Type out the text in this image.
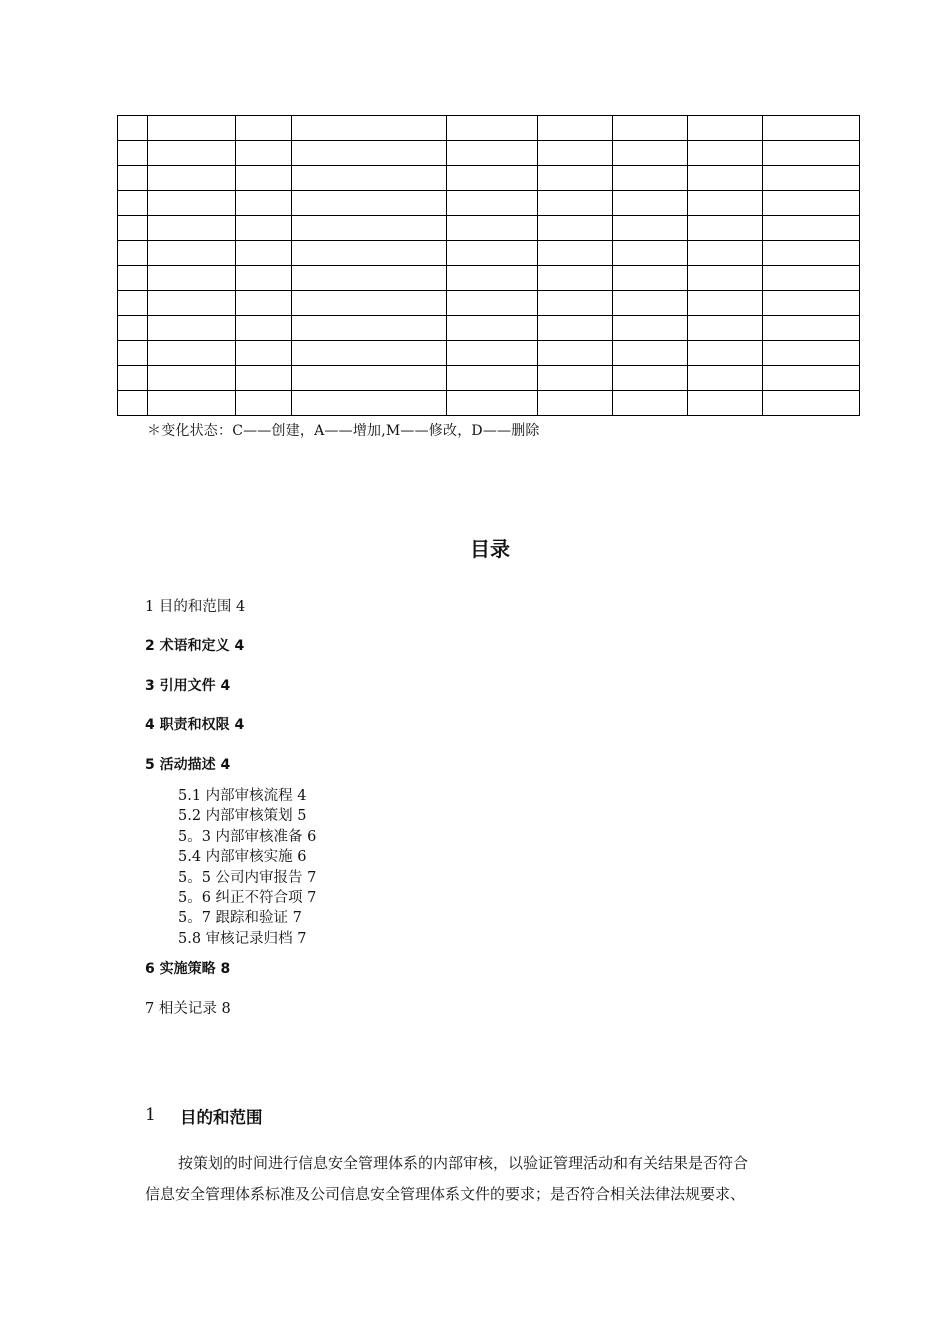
＊变化状态：C——创建，A——增加,M——修改，D——删除
目录
1 目的和范围 4
2 术语和定义 4
3 引用文件 4
4 职责和权限 4
5 活动描述 4
5.1 内部审核流程 4
5.2 内部审核策划 5
5。3 内部审核准备 6
5.4 内部审核实施 6
5。5 公司内审报告 7
5。6 纠正不符合项 7
5。7 跟踪和验证 7
5.8 审核记录归档 7
6 实施策略 8
7 相关记录 8
1 目的和范围
按策划的时间进行信息安全管理体系的内部审核，以验证管理活动和有关结果是否符合
信息安全管理体系标准及公司信息安全管理体系文件的要求；是否符合相关法律法规要求、
